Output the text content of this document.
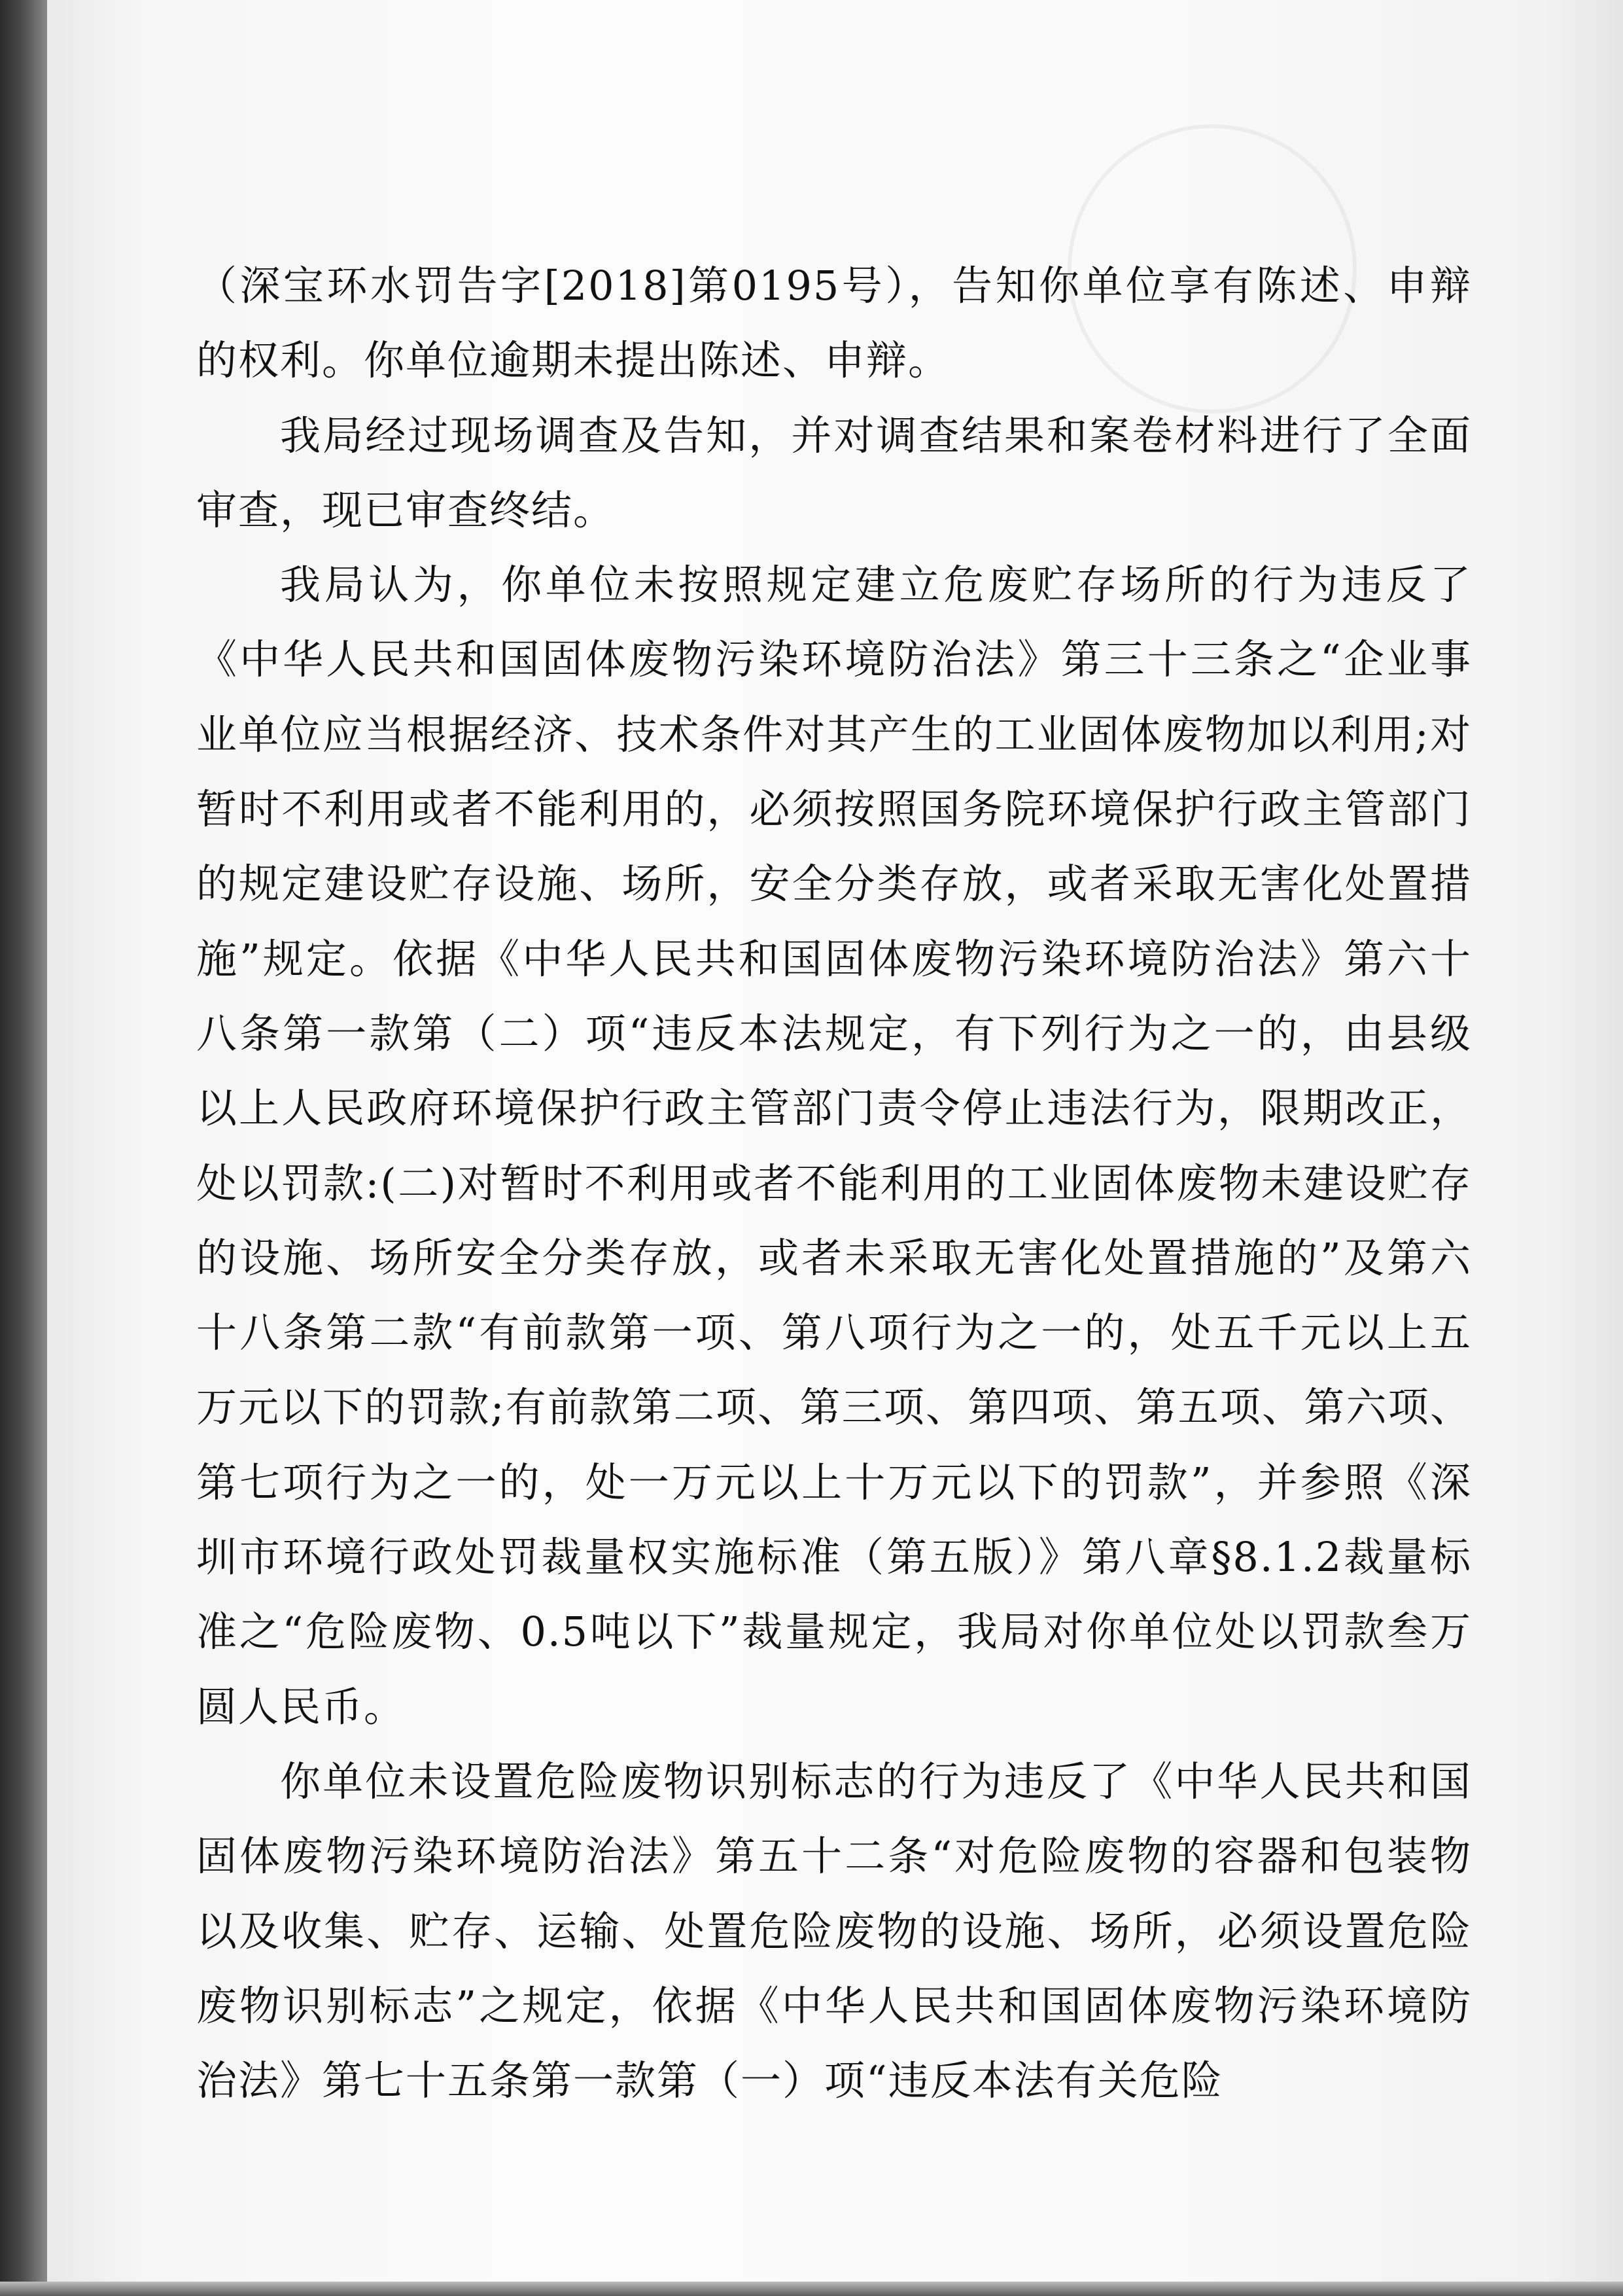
（深宝环水罚告字[2018]第0195号），告知你单位享有陈述、申辩的权利。你单位逾期未提出陈述、申辩。

我局经过现场调查及告知，并对调查结果和案卷材料进行了全面审查，现已审查终结。

我局认为，你单位未按照规定建立危废贮存场所的行为违反了《中华人民共和国固体废物污染环境防治法》第三十三条之“企业事业单位应当根据经济、技术条件对其产生的工业固体废物加以利用;对暂时不利用或者不能利用的，必须按照国务院环境保护行政主管部门的规定建设贮存设施、场所，安全分类存放，或者采取无害化处置措施”规定。依据《中华人民共和国固体废物污染环境防治法》第六十八条第一款第（二）项“违反本法规定，有下列行为之一的，由县级以上人民政府环境保护行政主管部门责令停止违法行为，限期改正，处以罚款:(二)对暂时不利用或者不能利用的工业固体废物未建设贮存的设施、场所安全分类存放，或者未采取无害化处置措施的”及第六十八条第二款“有前款第一项、第八项行为之一的，处五千元以上五万元以下的罚款;有前款第二项、第三项、第四项、第五项、第六项、第七项行为之一的，处一万元以上十万元以下的罚款”，并参照《深圳市环境行政处罚裁量权实施标准（第五版）》第八章§8.1.2裁量标准之“危险废物、0.5吨以下”裁量规定，我局对你单位处以罚款叁万圆人民币。

你单位未设置危险废物识别标志的行为违反了《中华人民共和国固体废物污染环境防治法》第五十二条“对危险废物的容器和包装物以及收集、贮存、运输、处置危险废物的设施、场所，必须设置危险废物识别标志”之规定，依据《中华人民共和国固体废物污染环境防治法》第七十五条第一款第（一）项“违反本法有关危险
